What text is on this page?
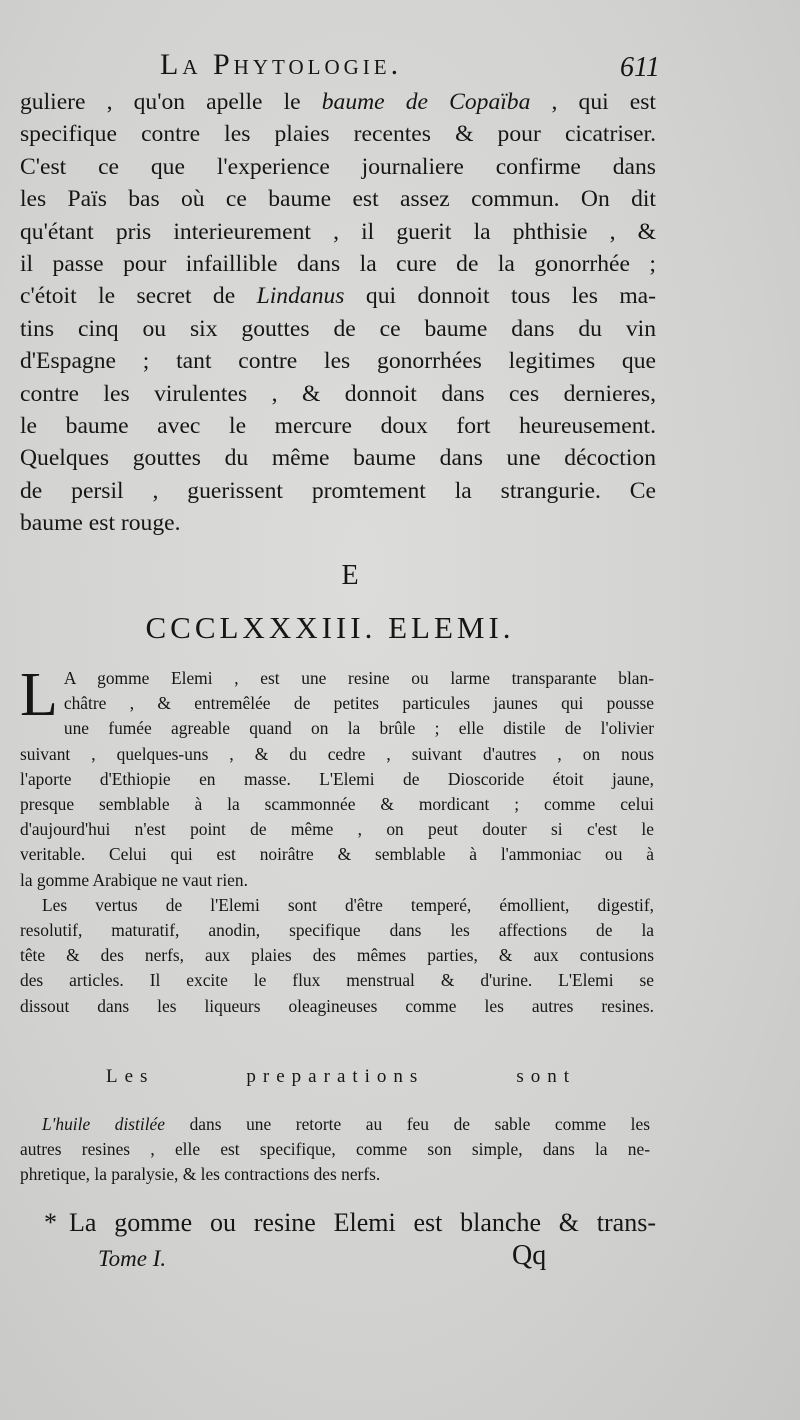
La Phytologie.	611
guliere , qu'on apelle le baume de Copaïba , qui est
specifique contre les plaies recentes & pour cicatriser.
C'est ce que l'experience journaliere confirme dans
les Païs bas où ce baume est assez commun. On dit
qu'étant pris interieurement , il guerit la phthisie , &
il passe pour infaillible dans la cure de la gonorrhée ;
c'étoit le secret de Lindanus qui donnoit tous les ma-
tins cinq ou six gouttes de ce baume dans du vin
d'Espagne ; tant contre les gonorrhées legitimes que
contre les virulentes , & donnoit dans ces dernieres,
le baume avec le mercure doux fort heureusement.
Quelques gouttes du même baume dans une décoction
de persil , guerissent promtement la strangurie. Ce
baume est rouge.
E
CCCLXXXIII. ELEMI.
L A gomme Elemi , est une resine ou larme transparante blan-
châtre , & entremêlée de petites particules jaunes qui pousse
une fumée agreable quand on la brûle ; elle distile de l'olivier
suivant , quelques-uns , & du cedre , suivant d'autres , on nous
l'aporte d'Ethiopie en masse. L'Elemi de Dioscoride étoit jaune,
presque semblable à la scammonnée & mordicant ; comme celui
d'aujourd'hui n'est point de même , on peut douter si c'est le
veritable. Celui qui est noirâtre & semblable à l'ammoniac ou à
la gomme Arabique ne vaut rien.
Les vertus de l'Elemi sont d'être temperé, émollient, digestif,
resolutif, maturatif, anodin, specifique dans les affections de la
tête & des nerfs, aux plaies des mêmes parties, & aux contusions
des articles. Il excite le flux menstrual & d'urine. L'Elemi se
dissout dans les liqueurs oleagineuses comme les autres resines.
Les preparations sont
L'huile distilée dans une retorte au feu de sable comme les
autres resines , elle est specifique, comme son simple, dans la ne-
phretique, la paralysie, & les contractions des nerfs.
* La gomme ou resine Elemi est blanche & trans-
Tome I.	Qq
